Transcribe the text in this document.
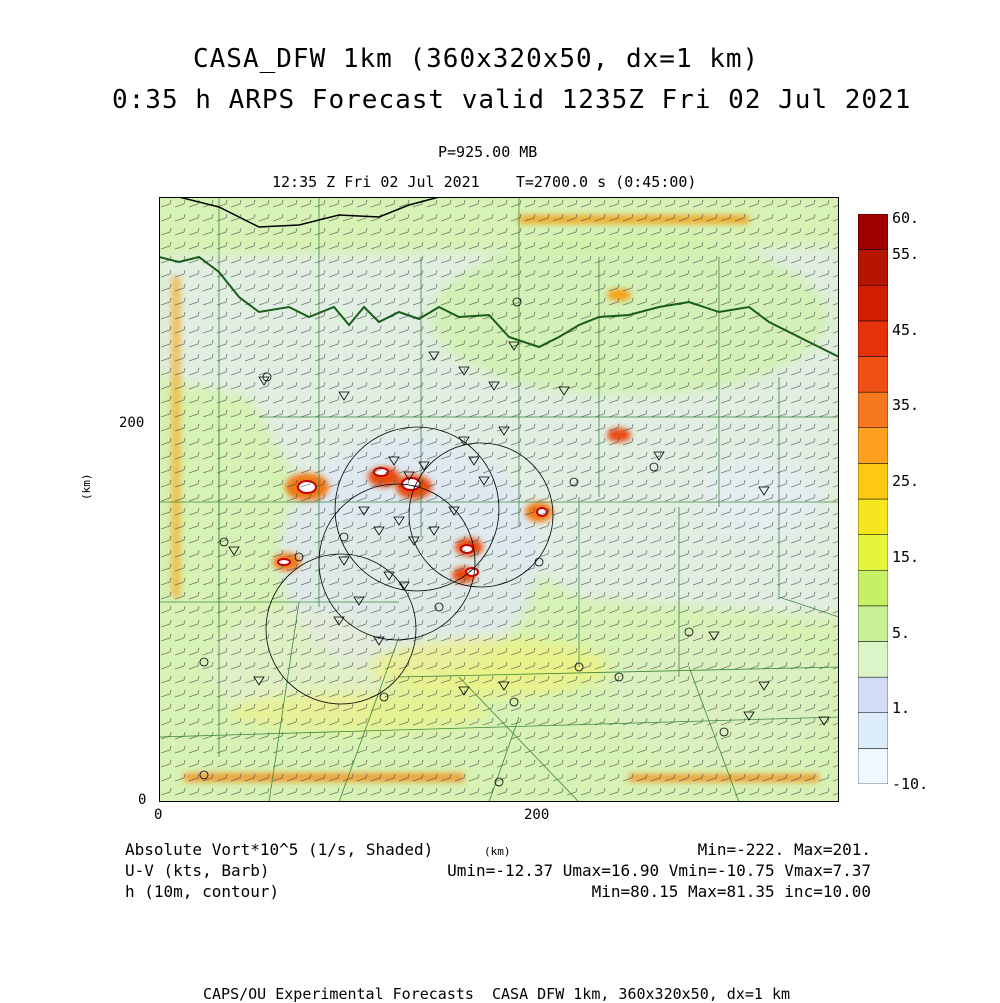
CASA_DFW 1km (360x320x50, dx=1 km)
0:35 h ARPS Forecast valid 1235Z Fri 02 Jul 2021
P=925.00 MB
12:35 Z Fri 02 Jul 2021    T=2700.0 s (0:45:00)
200
0
0	200
(km)
(km)
60.
55.
45.
35.
25.
15.
5.
1.
-10.
Absolute Vort*10^5 (1/s, Shaded)
U-V (kts, Barb)
h (10m, contour)
Min=-222. Max=201.
Umin=-12.37 Umax=16.90 Vmin=-10.75 Vmax=7.37
Min=80.15 Max=81.35 inc=10.00
CAPS/OU Experimental Forecasts  CASA DFW 1km, 360x320x50, dx=1 km
